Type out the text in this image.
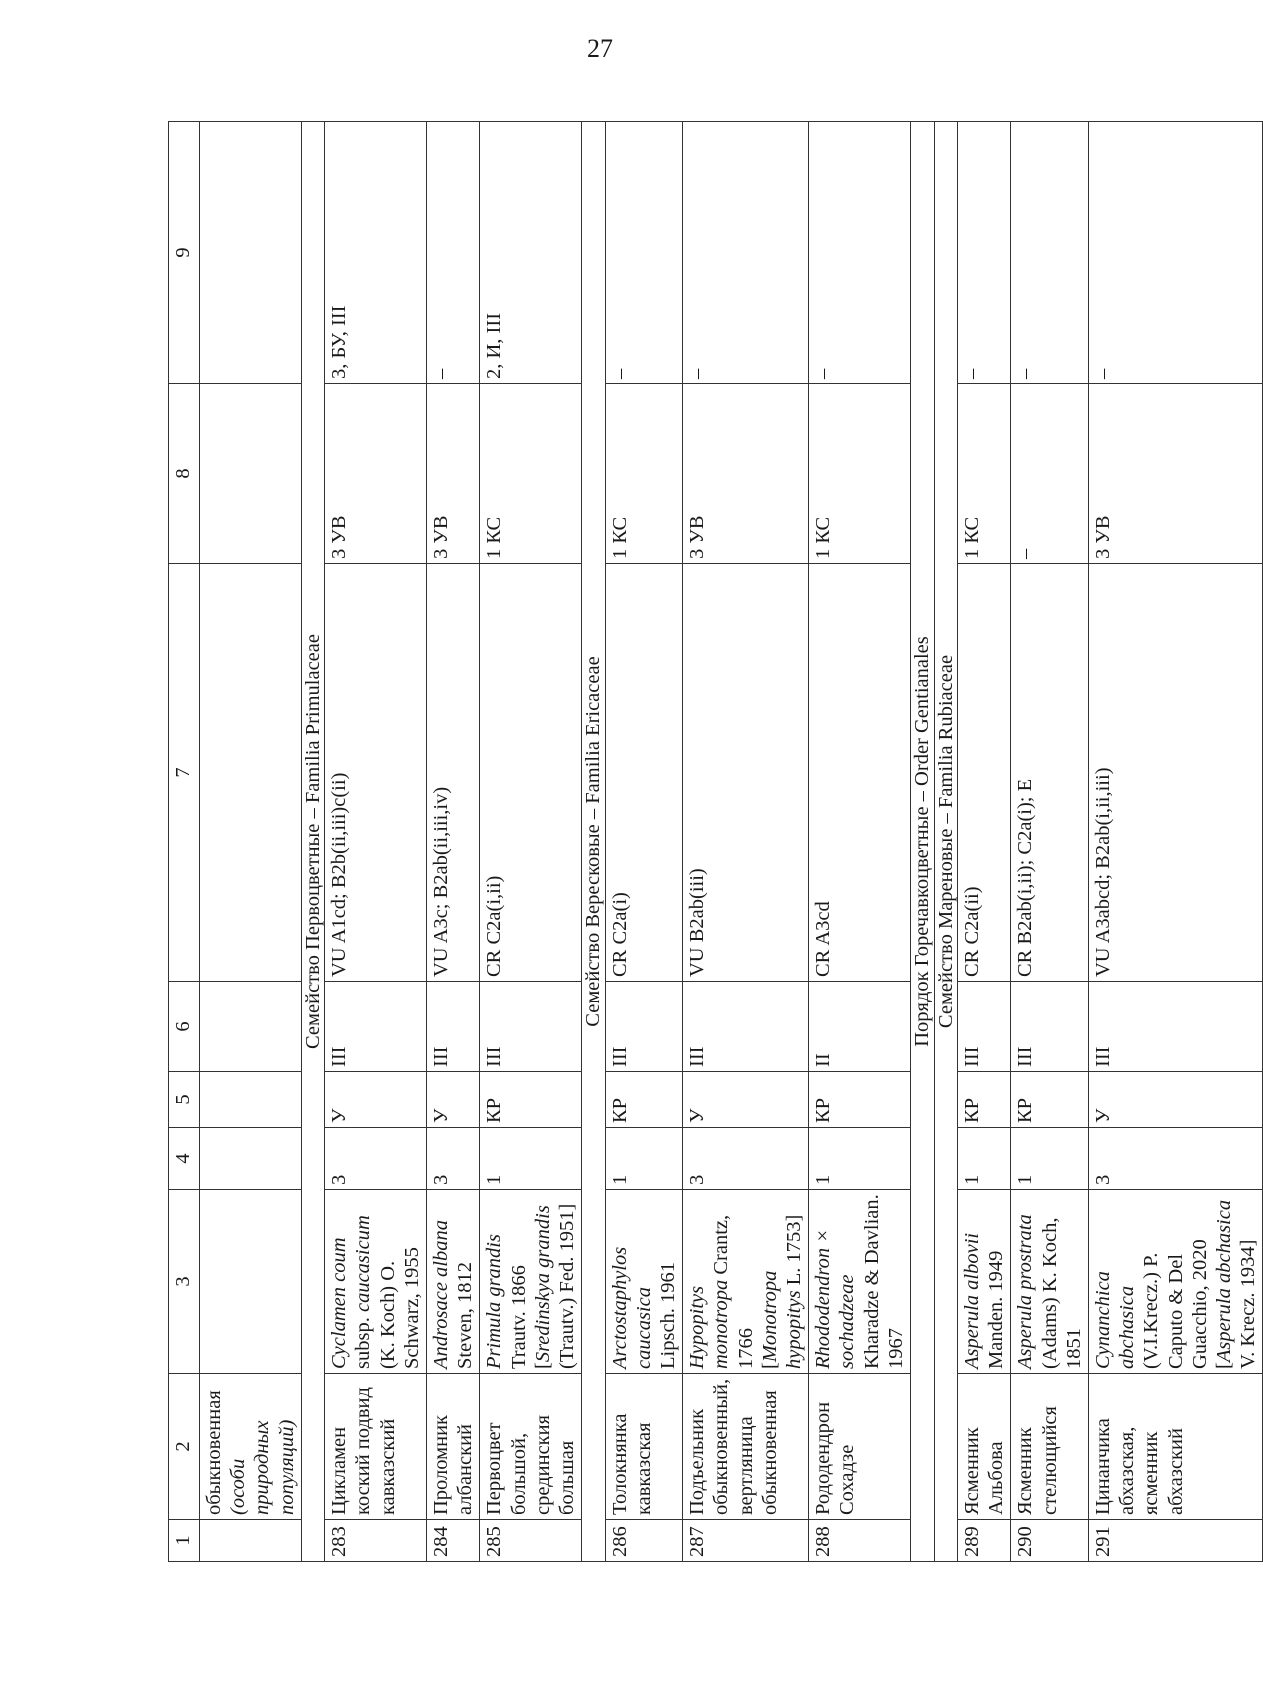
27
1	2	3	4	5	6	7	8	9
	обыкновенная (особи природных популяций)							
Семейство Первоцветные – Familia Primulaceae								
283	Цикламен коский подвид кавказский	Cyclamen coum subsp. caucasicum (K. Koch) O. Schwarz, 1955	3	У	III	VU A1cd; B2b(ii,iii)c(ii)	3 УВ	3, БУ, III
284	Проломник албанский	Androsace albana Steven, 1812	3	У	III	VU A3c; B2ab(ii,iii,iv)	3 УВ	–
285	Первоцвет большой, срединския большая	Primula grandis Trautv. 1866 [Sredinskya grandis (Trautv.) Fed. 1951]	1	КР	III	CR C2a(i,ii)	1 КС	2, И, III
Семейство Вересковые – Familia Ericaceae								
286	Толокнянка кавказская	Arctostaphylos caucasica Lipsch. 1961	1	КР	III	CR C2a(i)	1 КС	–
287	Подъельник обыкновенный, вертляница обыкновенная	Hypopitys monotropa Crantz, 1766 [Monotropa hypopitys L. 1753]	3	У	III	VU B2ab(iii)	3 УВ	–
288	Рододендрон Сохадзе	Rhododendron × sochadzeae Kharadze & Davlian. 1967	1	КР	II	CR A3cd	1 КС	–
Порядок Горечавкоцветные – Order Gentianales								
Семейство Мареновые – Familia Rubiaceae								
289	Ясменник Альбова	Asperula albovii Manden. 1949	1	КР	III	CR C2a(ii)	1 КС	–
290	Ясменник стелющийся	Asperula prostrata (Adams) K. Koch, 1851	1	КР	III	CR B2ab(i,ii); C2a(i); E	–	–
291	Цинанчика абхазская, ясменник абхазский	Cynanchica abchasica (V.I.Krecz.) P. Caputo & Del Guacchio, 2020 [Asperula abchasica V. Krecz. 1934]	3	У	III	VU A3abcd; B2ab(i,ii,iii)	3 УВ	–
